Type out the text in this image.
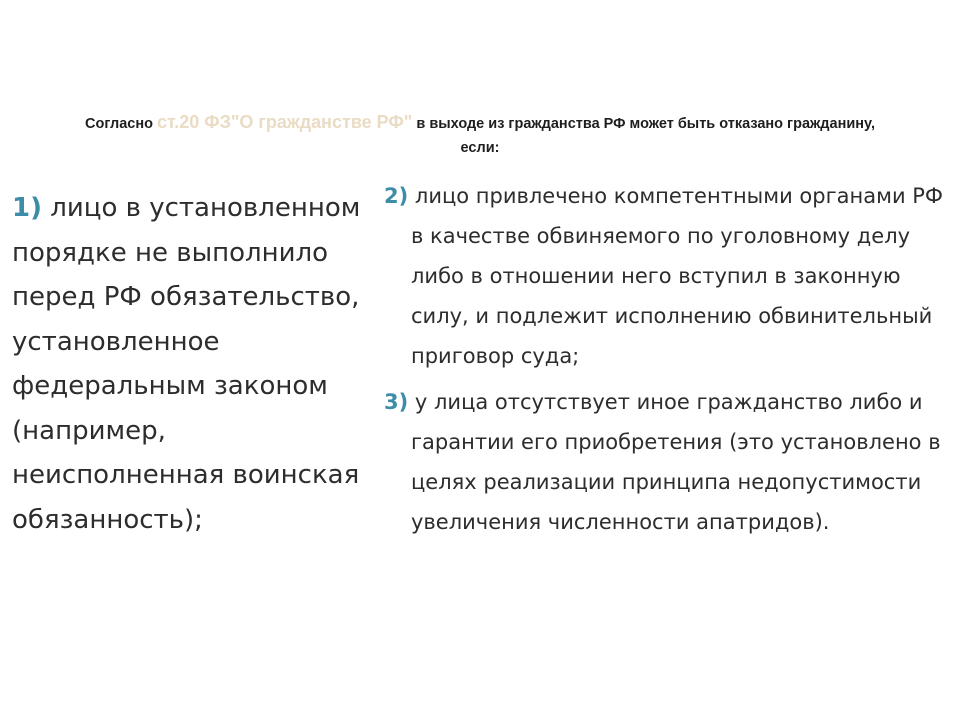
Согласно ст.20 ФЗ"О гражданстве РФ" в выходе из гражданства РФ может быть отказано гражданину, если:
1) лицо в установленном порядке не выполнило перед РФ обязательство, установленное федеральным законом (например, неисполненная воинская обязанность);
2) лицо привлечено компетентными органами РФ в качестве обвиняемого по уголовному делу либо в отношении него вступил в законную силу, и подлежит исполнению обвинительный приговор суда;
3) у лица отсутствует иное гражданство либо и гарантии его приобретения (это установлено в целях реализации принципа недопустимости увеличения численности апатридов).
